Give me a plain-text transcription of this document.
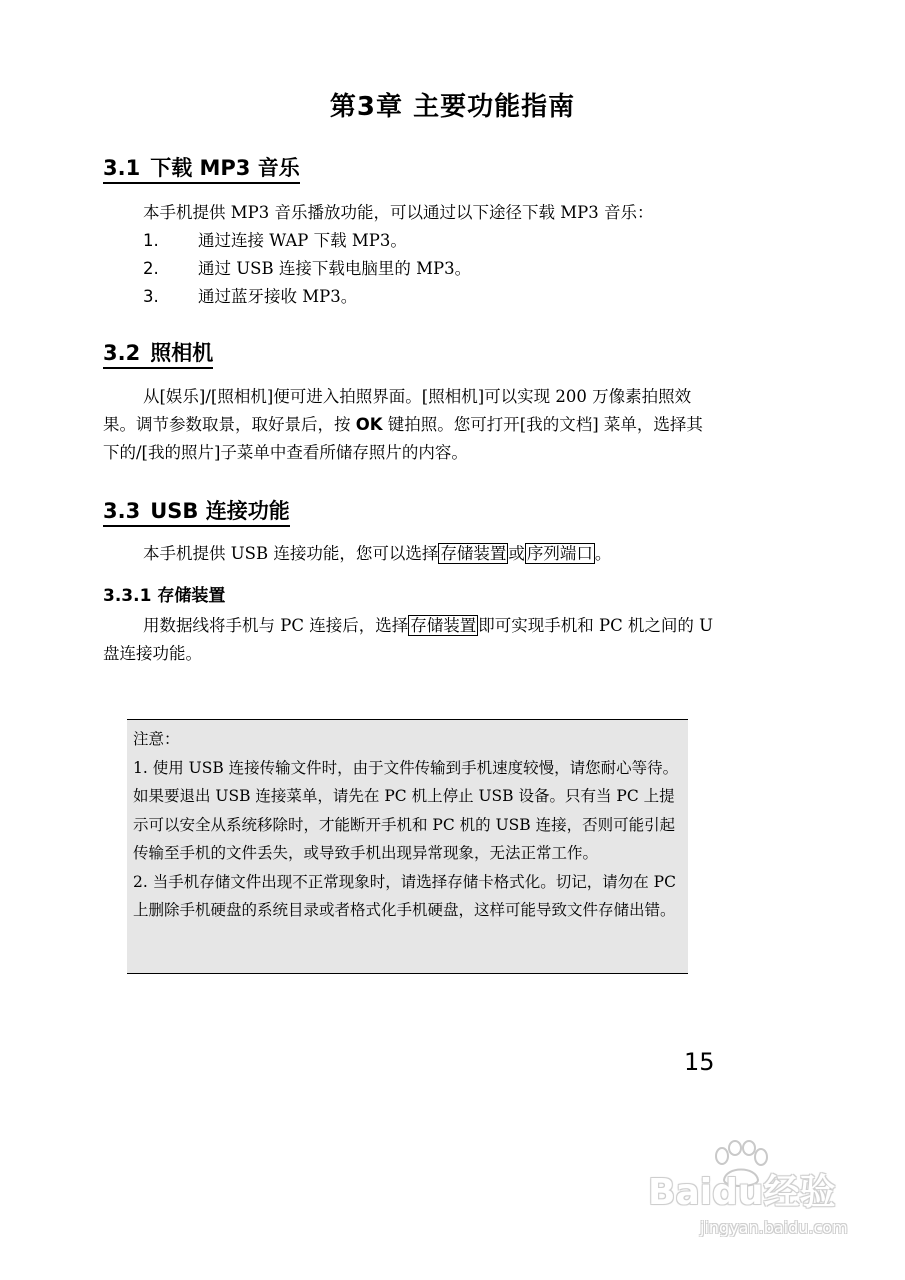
第3章 主要功能指南
3.1 下载 MP3 音乐
本手机提供 MP3 音乐播放功能，可以通过以下途径下载 MP3 音乐：
1. 通过连接 WAP 下载 MP3。
2. 通过 USB 连接下载电脑里的 MP3。
3. 通过蓝牙接收 MP3。
3.2 照相机
从[娱乐]/[照相机]便可进入拍照界面。[照相机]可以实现 200 万像素拍照效果。调节参数取景，取好景后，按 OK 键拍照。您可打开[我的文档] 菜单，选择其下的/[我的照片]子菜单中查看所储存照片的内容。
3.3 USB 连接功能
本手机提供 USB 连接功能，您可以选择 存储装置 或 序列端口 。
3.3.1 存储装置
用数据线将手机与 PC 连接后，选择 存储装置 即可实现手机和 PC 机之间的 U 盘连接功能。

注意：

1. 使用 USB 连接传输文件时，由于文件传输到手机速度较慢，请您耐心等待。如果要退出 USB 连接菜单，请先在 PC 机上停止 USB 设备。只有当 PC 上提示可以安全从系统移除时，才能断开手机和 PC 机的 USB 连接，否则可能引起传输至手机的文件丢失，或导致手机出现异常现象，无法正常工作。

2. 当手机存储文件出现不正常现象时，请选择存储卡格式化。切记，请勿在 PC 上删除手机硬盘的系统目录或者格式化手机硬盘，这样可能导致文件存储出错。

15
Baidu经验
jingyan.baidu.com
